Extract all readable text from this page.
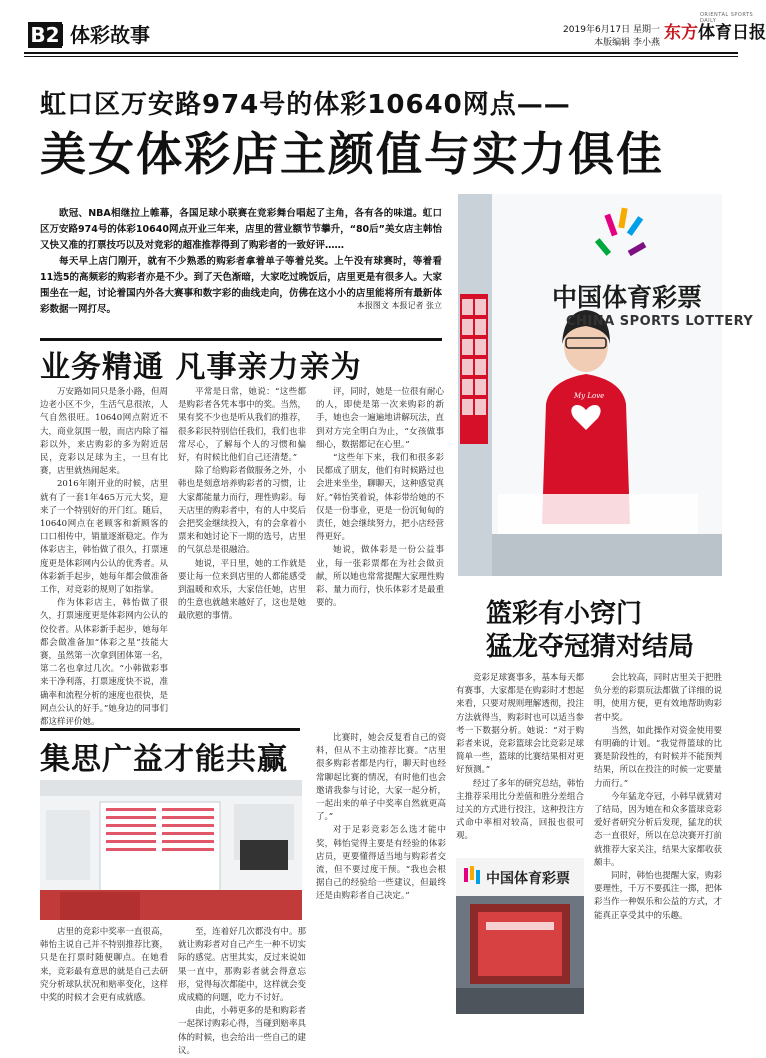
B2 体彩故事	2019年6月17日 星期一
本版编辑 李小燕
ORIENTAL SPORTS DAILY
东方体育日报
虹口区万安路974号的体彩10640网点——
美女体彩店主颜值与实力俱佳
欧冠、NBA相继拉上帷幕，各国足球小联赛在竞彩舞台唱起了主角，各有各的味道。虹口区万安路974号的体彩10640网点开业三年来，店里的营业额节节攀升，“80后”美女店主韩怡又快又准的打票技巧以及对竞彩的超准推荐得到了购彩者的一致好评……
每天早上店门刚开，就有不少熟悉的购彩者拿着单子等着兑奖。上午没有球赛时，等着看11选5的高频彩的购彩者亦是不少。到了天色渐暗，大家吃过晚饭后，店里更是有很多人。大家围坐在一起，讨论着国内外各大赛事和数字彩的曲线走向，仿佛在这小小的店里能将所有最新体彩数据一网打尽。	本报图文 本报记者 张立	中国体育彩票
CHINA SPORTS LOTTERY
My Love
业务精通 凡事亲力亲为

万安路如同只是条小路，但周边老小区不少，生活气息很浓，人气自然很旺。10640网点附近不大，商业氛围一般，而店内除了福彩以外，来店购彩的多为附近居民，竞彩以足球为主，一旦有比赛，店里就热闹起来。

2016年刚开业的时候，店里就有了一套1年465万元大奖，迎来了一个特别好的开门红。随后，10640网点在老顾客和新顾客的口口相传中，销量逐渐稳定。作为体彩店主，韩怡做了很久，打票速度更是体彩网内公认的优秀者。从体彩新手起步，她每年都会做准备工作，对竞彩的规则了如指掌。

作为体彩店主，韩怡做了很久，打票速度更是体彩网内公认的佼佼者。从体彩新手起步，她每年都会做准备加“体彩之星”技能大赛，虽然第一次拿到团体第一名，第二名也拿过几次。“小韩做彩事来干净利落，打票速度快不说，准确率和流程分析的速度也很快，是网点公认的好手。”她身边的同事们都这样评价她。

平常是日常，她说：“这些都是购彩者各凭本事中的奖。当然，果有奖不少也是听从我们的推荐，很多彩民特别信任我们，我们也非常尽心，了解每个人的习惯和偏好，有时候比他们自己还清楚。”

除了给购彩者做服务之外，小韩也是刻意培养购彩者的习惯，让大家都能量力而行，理性购彩。每天店里的购彩者中，有的人中奖后会把奖金继续投入，有的会拿着小票来和她讨论下一期的选号，店里的气氛总是很融洽。

她说，平日里，她的工作就是要让每一位来到店里的人都能感受到温暖和欢乐，大家信任她，店里的生意也就越来越好了，这也是她最欣慰的事情。

评，同时，她是一位很有耐心的人，即使是第一次来购彩的新手，她也会一遍遍地讲解玩法，直到对方完全明白为止，“女孩做事细心，数据都记在心里。”

“这些年下来，我们和很多彩民都成了朋友，他们有时候路过也会进来坐坐，聊聊天，这种感觉真好。”韩怡笑着说，体彩带给她的不仅是一份事业，更是一份沉甸甸的责任，她会继续努力，把小店经营得更好。

她说，做体彩是一份公益事业，每一张彩票都在为社会做贡献，所以她也常常提醒大家理性购彩、量力而行，快乐体彩才是最重要的。	篮彩有小窍门
猛龙夺冠猜对结局
集思广益才能共赢

店里的竞彩中奖率一直很高，韩怡主说自己并不特别推荐比赛，只是在打票时随便聊点。在她看来，竞彩最有意思的就是自己去研究分析球队状况和赔率变化，这样中奖的时候才会更有成就感。

至，连着好几次都没有中。那就让购彩者对自己产生一种不切实际的感觉。店里其实，反过来说如果一直中，那购彩者就会得意忘形，觉得每次都能中，这样就会变成成瘾的问题，吃力不讨好。

由此，小韩更多的是和购彩者一起探讨购彩心得，当碰到赔率具体的时候，也会给出一些自己的建议。

比赛时，她会反复看自己的资料，但从不主动推荐比赛。“店里很多购彩者都是内行，聊天时也经常聊起比赛的情况，有时他们也会邀请我参与讨论，大家一起分析，一起出来的单子中奖率自然就更高了。”

对于足彩竞彩怎么选才能中奖，韩怡觉得主要是有经验的体彩店员，更要懂得适当地与购彩者交流，但不要过度干预。“我也会根据自己的经验给一些建议，但最终还是由购彩者自己决定。”

竞彩足球赛事多，基本每天都有赛事，大家都是在购彩时才想起来看，只要对规则理解透彻，投注方法就得当，购彩时也可以适当参考一下数据分析。她说：“对于购彩者来说，竞彩篮球会比竞彩足球简单一些，篮球的比赛结果相对更好预测。”

经过了多年的研究总结，韩怡主推荐采用比分差值和胜分差组合过关的方式进行投注，这种投注方式命中率相对较高，回报也很可观。

会比较高，同时店里关于把胜负分差的彩票玩法都做了详细的说明，使用方便，更有效地帮助购彩者中奖。

当然，如此操作对资金使用要有明确的计划。“我觉得篮球的比赛是阶段性的，有时候并不能预判结果，所以在投注的时候一定要量力而行。”

今年猛龙夺冠，小韩早就猜对了结局，因为她在和众多篮球竞彩爱好者研究分析后发现，猛龙的状态一直很好，所以在总决赛开打前就推荐大家关注，结果大家都收获颇丰。

同时，韩怡也提醒大家，购彩要理性，千万不要孤注一掷，把体彩当作一种娱乐和公益的方式，才能真正享受其中的乐趣。

中国体育彩票
